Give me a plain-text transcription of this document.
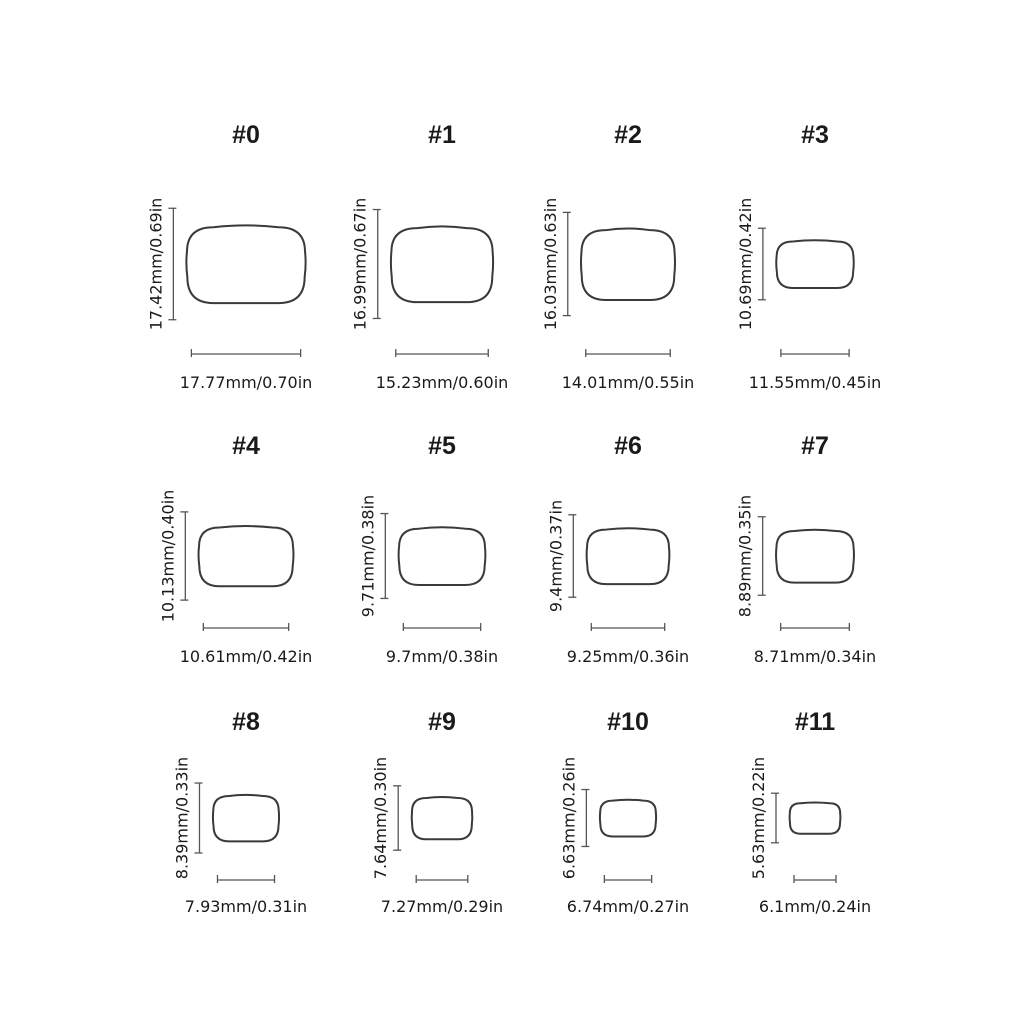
#0
17.42mm/0.69in
17.77mm/0.70in
#1
16.99mm/0.67in
15.23mm/0.60in
#2
16.03mm/0.63in
14.01mm/0.55in
#3
10.69mm/0.42in
11.55mm/0.45in
#4
10.13mm/0.40in
10.61mm/0.42in
#5
9.71mm/0.38in
9.7mm/0.38in
#6
9.4mm/0.37in
9.25mm/0.36in
#7
8.89mm/0.35in
8.71mm/0.34in
#8
8.39mm/0.33in
7.93mm/0.31in
#9
7.64mm/0.30in
7.27mm/0.29in
#10
6.63mm/0.26in
6.74mm/0.27in
#11
5.63mm/0.22in
6.1mm/0.24in
